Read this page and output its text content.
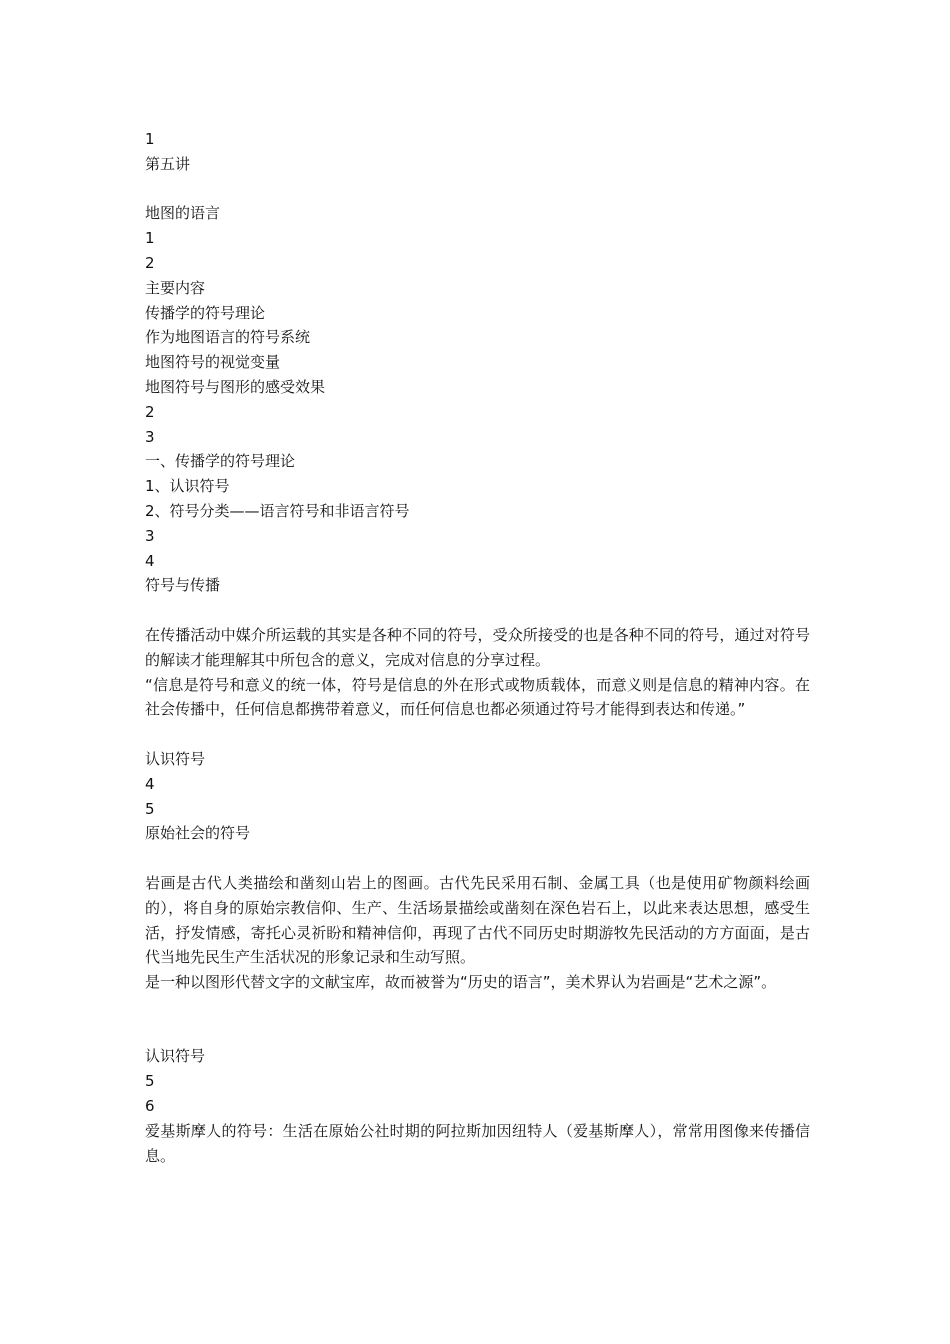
1
第五讲
地图的语言
1
2
主要内容
传播学的符号理论
作为地图语言的符号系统
地图符号的视觉变量
地图符号与图形的感受效果
2
3
一、传播学的符号理论
1、认识符号
2、符号分类——语言符号和非语言符号
3
4
符号与传播
在传播活动中媒介所运载的其实是各种不同的符号，受众所接受的也是各种不同的符号，通过对符号的解读才能理解其中所包含的意义，完成对信息的分享过程。
“信息是符号和意义的统一体，符号是信息的外在形式或物质载体，而意义则是信息的精神内容。在社会传播中，任何信息都携带着意义，而任何信息也都必须通过符号才能得到表达和传递。”
认识符号
4
5
原始社会的符号
岩画是古代人类描绘和凿刻山岩上的图画。古代先民采用石制、金属工具（也是使用矿物颜料绘画的），将自身的原始宗教信仰、生产、生活场景描绘或凿刻在深色岩石上，以此来表达思想，感受生活，抒发情感，寄托心灵祈盼和精神信仰，再现了古代不同历史时期游牧先民活动的方方面面，是古代当地先民生产生活状况的形象记录和生动写照。
是一种以图形代替文字的文献宝库，故而被誉为“历史的语言”，美术界认为岩画是“艺术之源”。
认识符号
5
6
爱基斯摩人的符号：生活在原始公社时期的阿拉斯加因纽特人（爱基斯摩人），常常用图像来传播信息。
